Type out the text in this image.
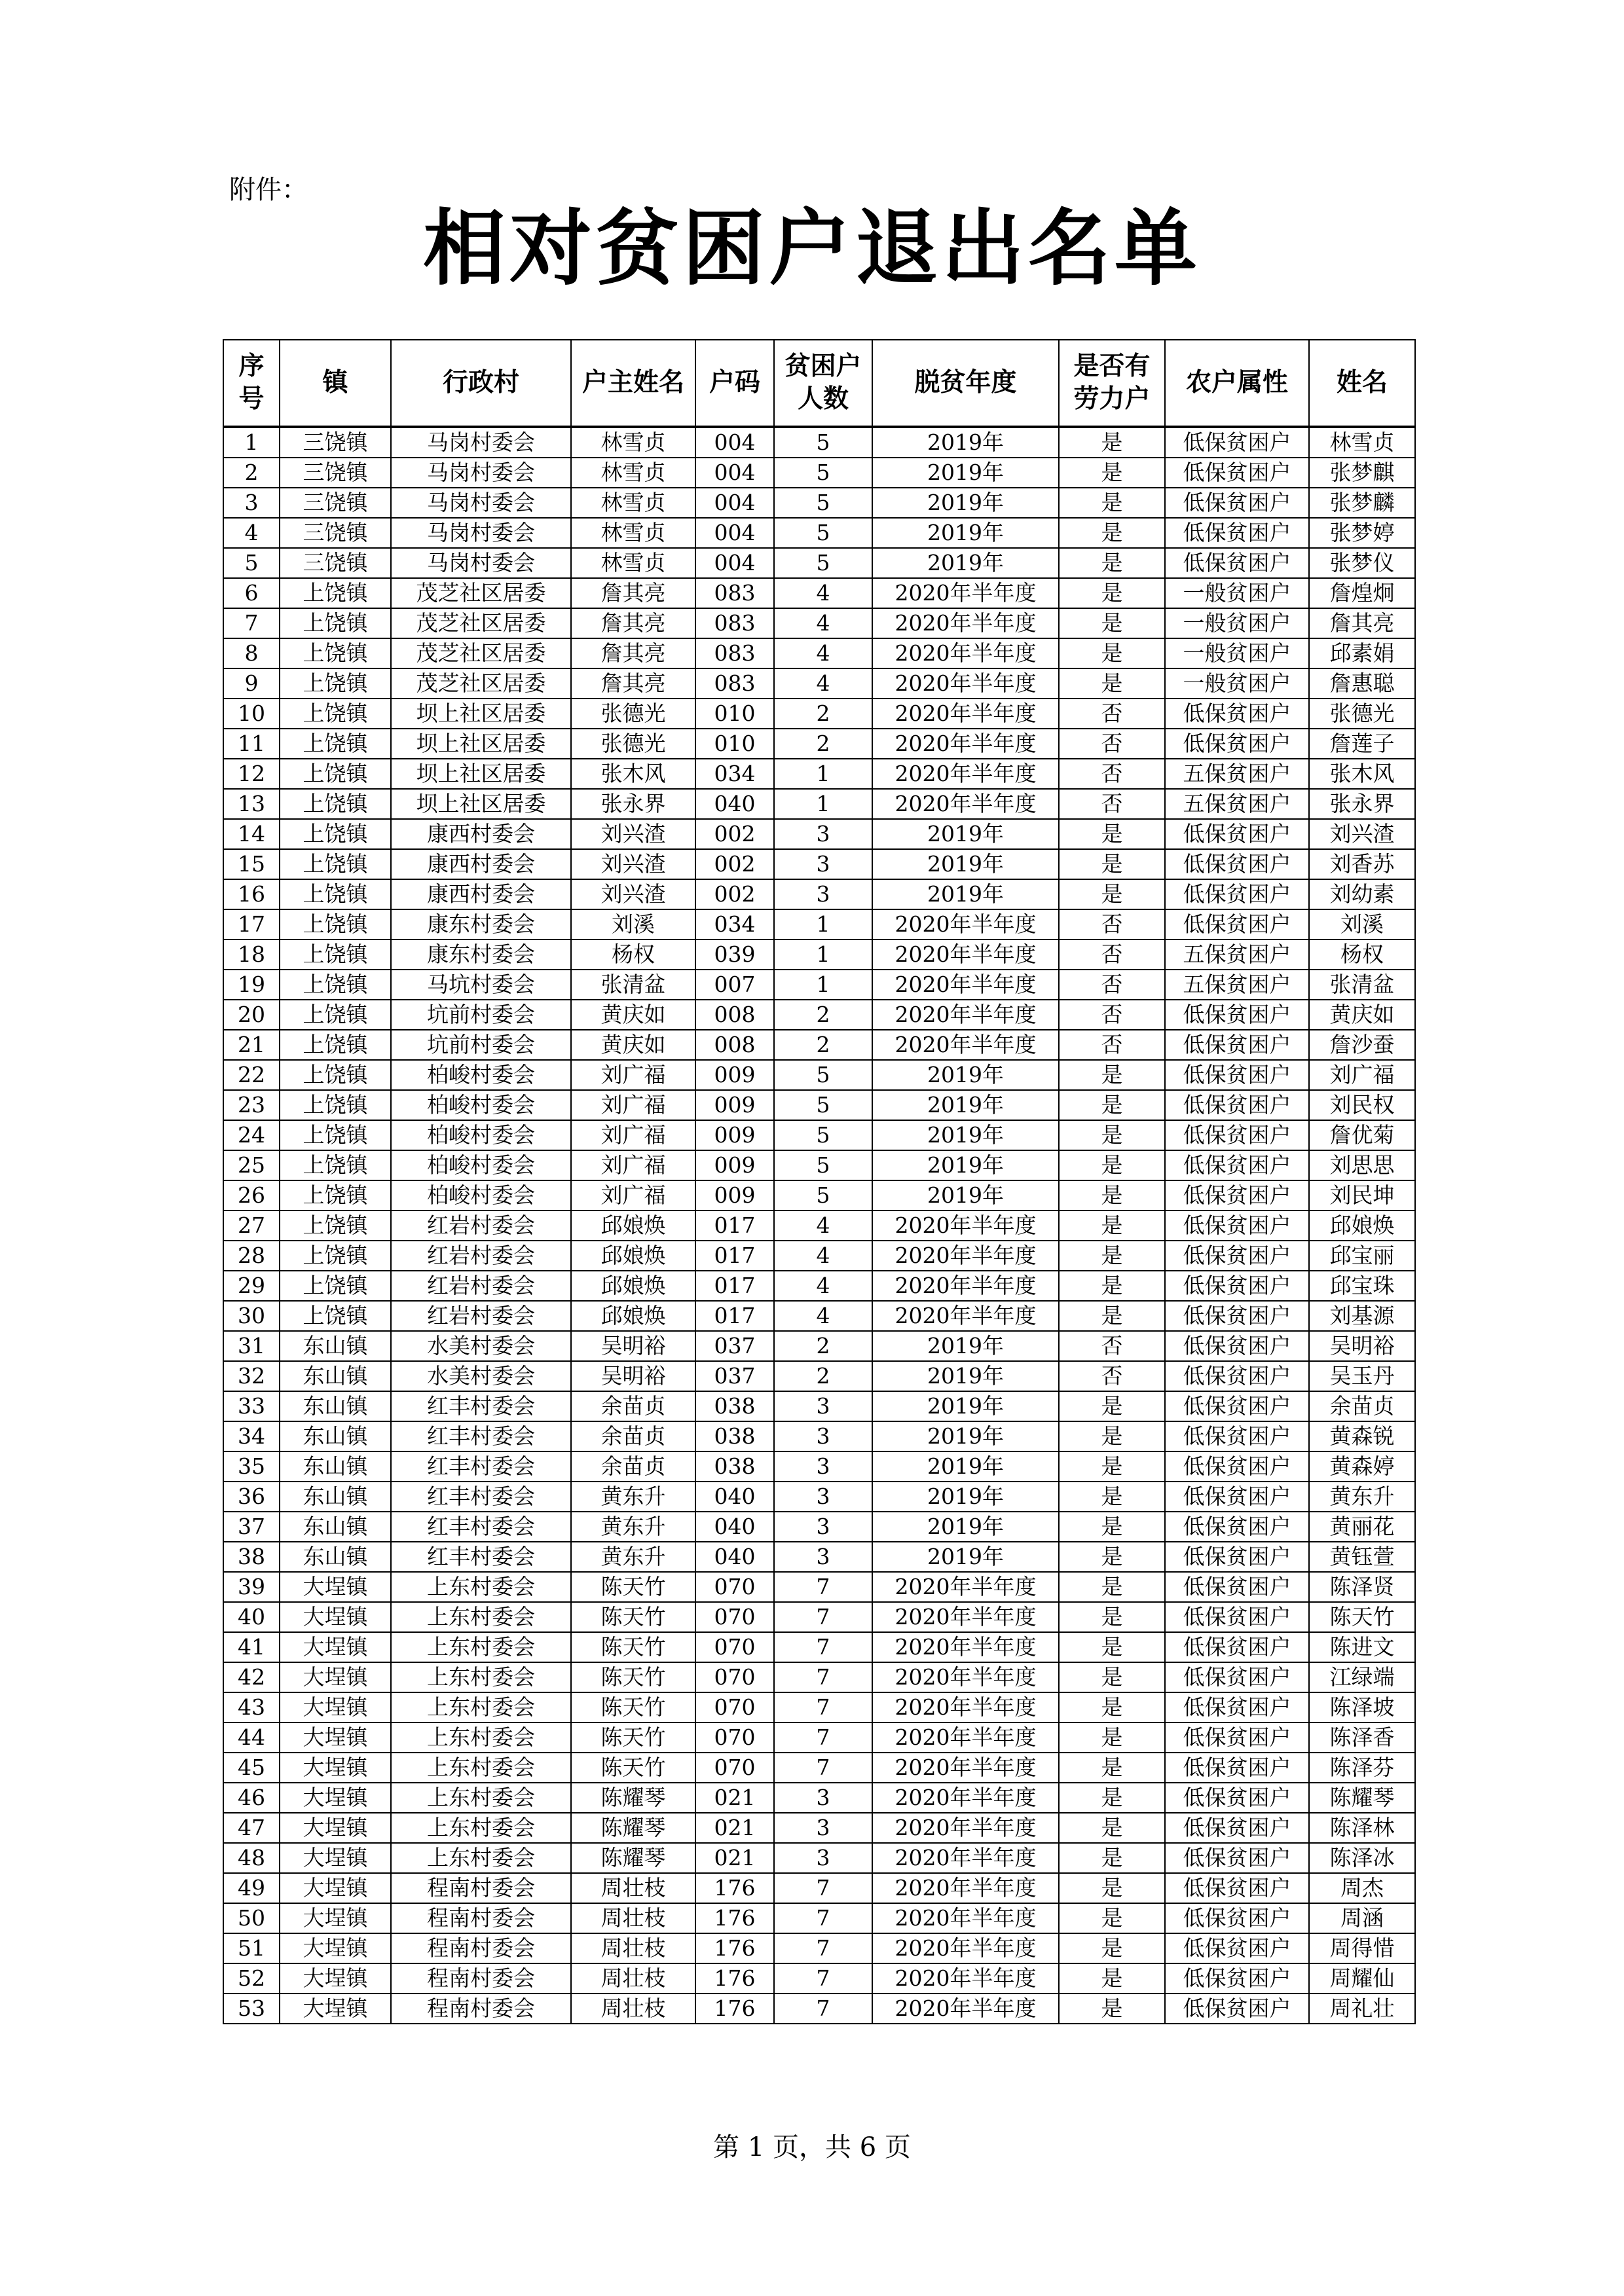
附件：
相对贫困户退出名单
序号	镇	行政村	户主姓名	户码	贫困户人数	脱贫年度	是否有劳力户	农户属性	姓名
1	三饶镇	马岗村委会	林雪贞	004	5	2019年	是	低保贫困户	林雪贞
2	三饶镇	马岗村委会	林雪贞	004	5	2019年	是	低保贫困户	张梦麒
3	三饶镇	马岗村委会	林雪贞	004	5	2019年	是	低保贫困户	张梦麟
4	三饶镇	马岗村委会	林雪贞	004	5	2019年	是	低保贫困户	张梦婷
5	三饶镇	马岗村委会	林雪贞	004	5	2019年	是	低保贫困户	张梦仪
6	上饶镇	茂芝社区居委	詹其亮	083	4	2020年半年度	是	一般贫困户	詹煌炯
7	上饶镇	茂芝社区居委	詹其亮	083	4	2020年半年度	是	一般贫困户	詹其亮
8	上饶镇	茂芝社区居委	詹其亮	083	4	2020年半年度	是	一般贫困户	邱素娟
9	上饶镇	茂芝社区居委	詹其亮	083	4	2020年半年度	是	一般贫困户	詹惠聪
10	上饶镇	坝上社区居委	张德光	010	2	2020年半年度	否	低保贫困户	张德光
11	上饶镇	坝上社区居委	张德光	010	2	2020年半年度	否	低保贫困户	詹莲子
12	上饶镇	坝上社区居委	张木风	034	1	2020年半年度	否	五保贫困户	张木风
13	上饶镇	坝上社区居委	张永界	040	1	2020年半年度	否	五保贫困户	张永界
14	上饶镇	康西村委会	刘兴渣	002	3	2019年	是	低保贫困户	刘兴渣
15	上饶镇	康西村委会	刘兴渣	002	3	2019年	是	低保贫困户	刘香苏
16	上饶镇	康西村委会	刘兴渣	002	3	2019年	是	低保贫困户	刘幼素
17	上饶镇	康东村委会	刘溪	034	1	2020年半年度	否	低保贫困户	刘溪
18	上饶镇	康东村委会	杨权	039	1	2020年半年度	否	五保贫困户	杨权
19	上饶镇	马坑村委会	张清盆	007	1	2020年半年度	否	五保贫困户	张清盆
20	上饶镇	坑前村委会	黄庆如	008	2	2020年半年度	否	低保贫困户	黄庆如
21	上饶镇	坑前村委会	黄庆如	008	2	2020年半年度	否	低保贫困户	詹沙蚕
22	上饶镇	柏峻村委会	刘广福	009	5	2019年	是	低保贫困户	刘广福
23	上饶镇	柏峻村委会	刘广福	009	5	2019年	是	低保贫困户	刘民权
24	上饶镇	柏峻村委会	刘广福	009	5	2019年	是	低保贫困户	詹优菊
25	上饶镇	柏峻村委会	刘广福	009	5	2019年	是	低保贫困户	刘思思
26	上饶镇	柏峻村委会	刘广福	009	5	2019年	是	低保贫困户	刘民坤
27	上饶镇	红岩村委会	邱娘焕	017	4	2020年半年度	是	低保贫困户	邱娘焕
28	上饶镇	红岩村委会	邱娘焕	017	4	2020年半年度	是	低保贫困户	邱宝丽
29	上饶镇	红岩村委会	邱娘焕	017	4	2020年半年度	是	低保贫困户	邱宝珠
30	上饶镇	红岩村委会	邱娘焕	017	4	2020年半年度	是	低保贫困户	刘基源
31	东山镇	水美村委会	吴明裕	037	2	2019年	否	低保贫困户	吴明裕
32	东山镇	水美村委会	吴明裕	037	2	2019年	否	低保贫困户	吴玉丹
33	东山镇	红丰村委会	余苗贞	038	3	2019年	是	低保贫困户	余苗贞
34	东山镇	红丰村委会	余苗贞	038	3	2019年	是	低保贫困户	黄森锐
35	东山镇	红丰村委会	余苗贞	038	3	2019年	是	低保贫困户	黄森婷
36	东山镇	红丰村委会	黄东升	040	3	2019年	是	低保贫困户	黄东升
37	东山镇	红丰村委会	黄东升	040	3	2019年	是	低保贫困户	黄丽花
38	东山镇	红丰村委会	黄东升	040	3	2019年	是	低保贫困户	黄钰萱
39	大埕镇	上东村委会	陈天竹	070	7	2020年半年度	是	低保贫困户	陈泽贤
40	大埕镇	上东村委会	陈天竹	070	7	2020年半年度	是	低保贫困户	陈天竹
41	大埕镇	上东村委会	陈天竹	070	7	2020年半年度	是	低保贫困户	陈进文
42	大埕镇	上东村委会	陈天竹	070	7	2020年半年度	是	低保贫困户	江绿端
43	大埕镇	上东村委会	陈天竹	070	7	2020年半年度	是	低保贫困户	陈泽坡
44	大埕镇	上东村委会	陈天竹	070	7	2020年半年度	是	低保贫困户	陈泽香
45	大埕镇	上东村委会	陈天竹	070	7	2020年半年度	是	低保贫困户	陈泽芬
46	大埕镇	上东村委会	陈耀琴	021	3	2020年半年度	是	低保贫困户	陈耀琴
47	大埕镇	上东村委会	陈耀琴	021	3	2020年半年度	是	低保贫困户	陈泽林
48	大埕镇	上东村委会	陈耀琴	021	3	2020年半年度	是	低保贫困户	陈泽冰
49	大埕镇	程南村委会	周壮枝	176	7	2020年半年度	是	低保贫困户	周杰
50	大埕镇	程南村委会	周壮枝	176	7	2020年半年度	是	低保贫困户	周涵
51	大埕镇	程南村委会	周壮枝	176	7	2020年半年度	是	低保贫困户	周得惜
52	大埕镇	程南村委会	周壮枝	176	7	2020年半年度	是	低保贫困户	周耀仙
53	大埕镇	程南村委会	周壮枝	176	7	2020年半年度	是	低保贫困户	周礼壮
第 1 页，共 6 页
